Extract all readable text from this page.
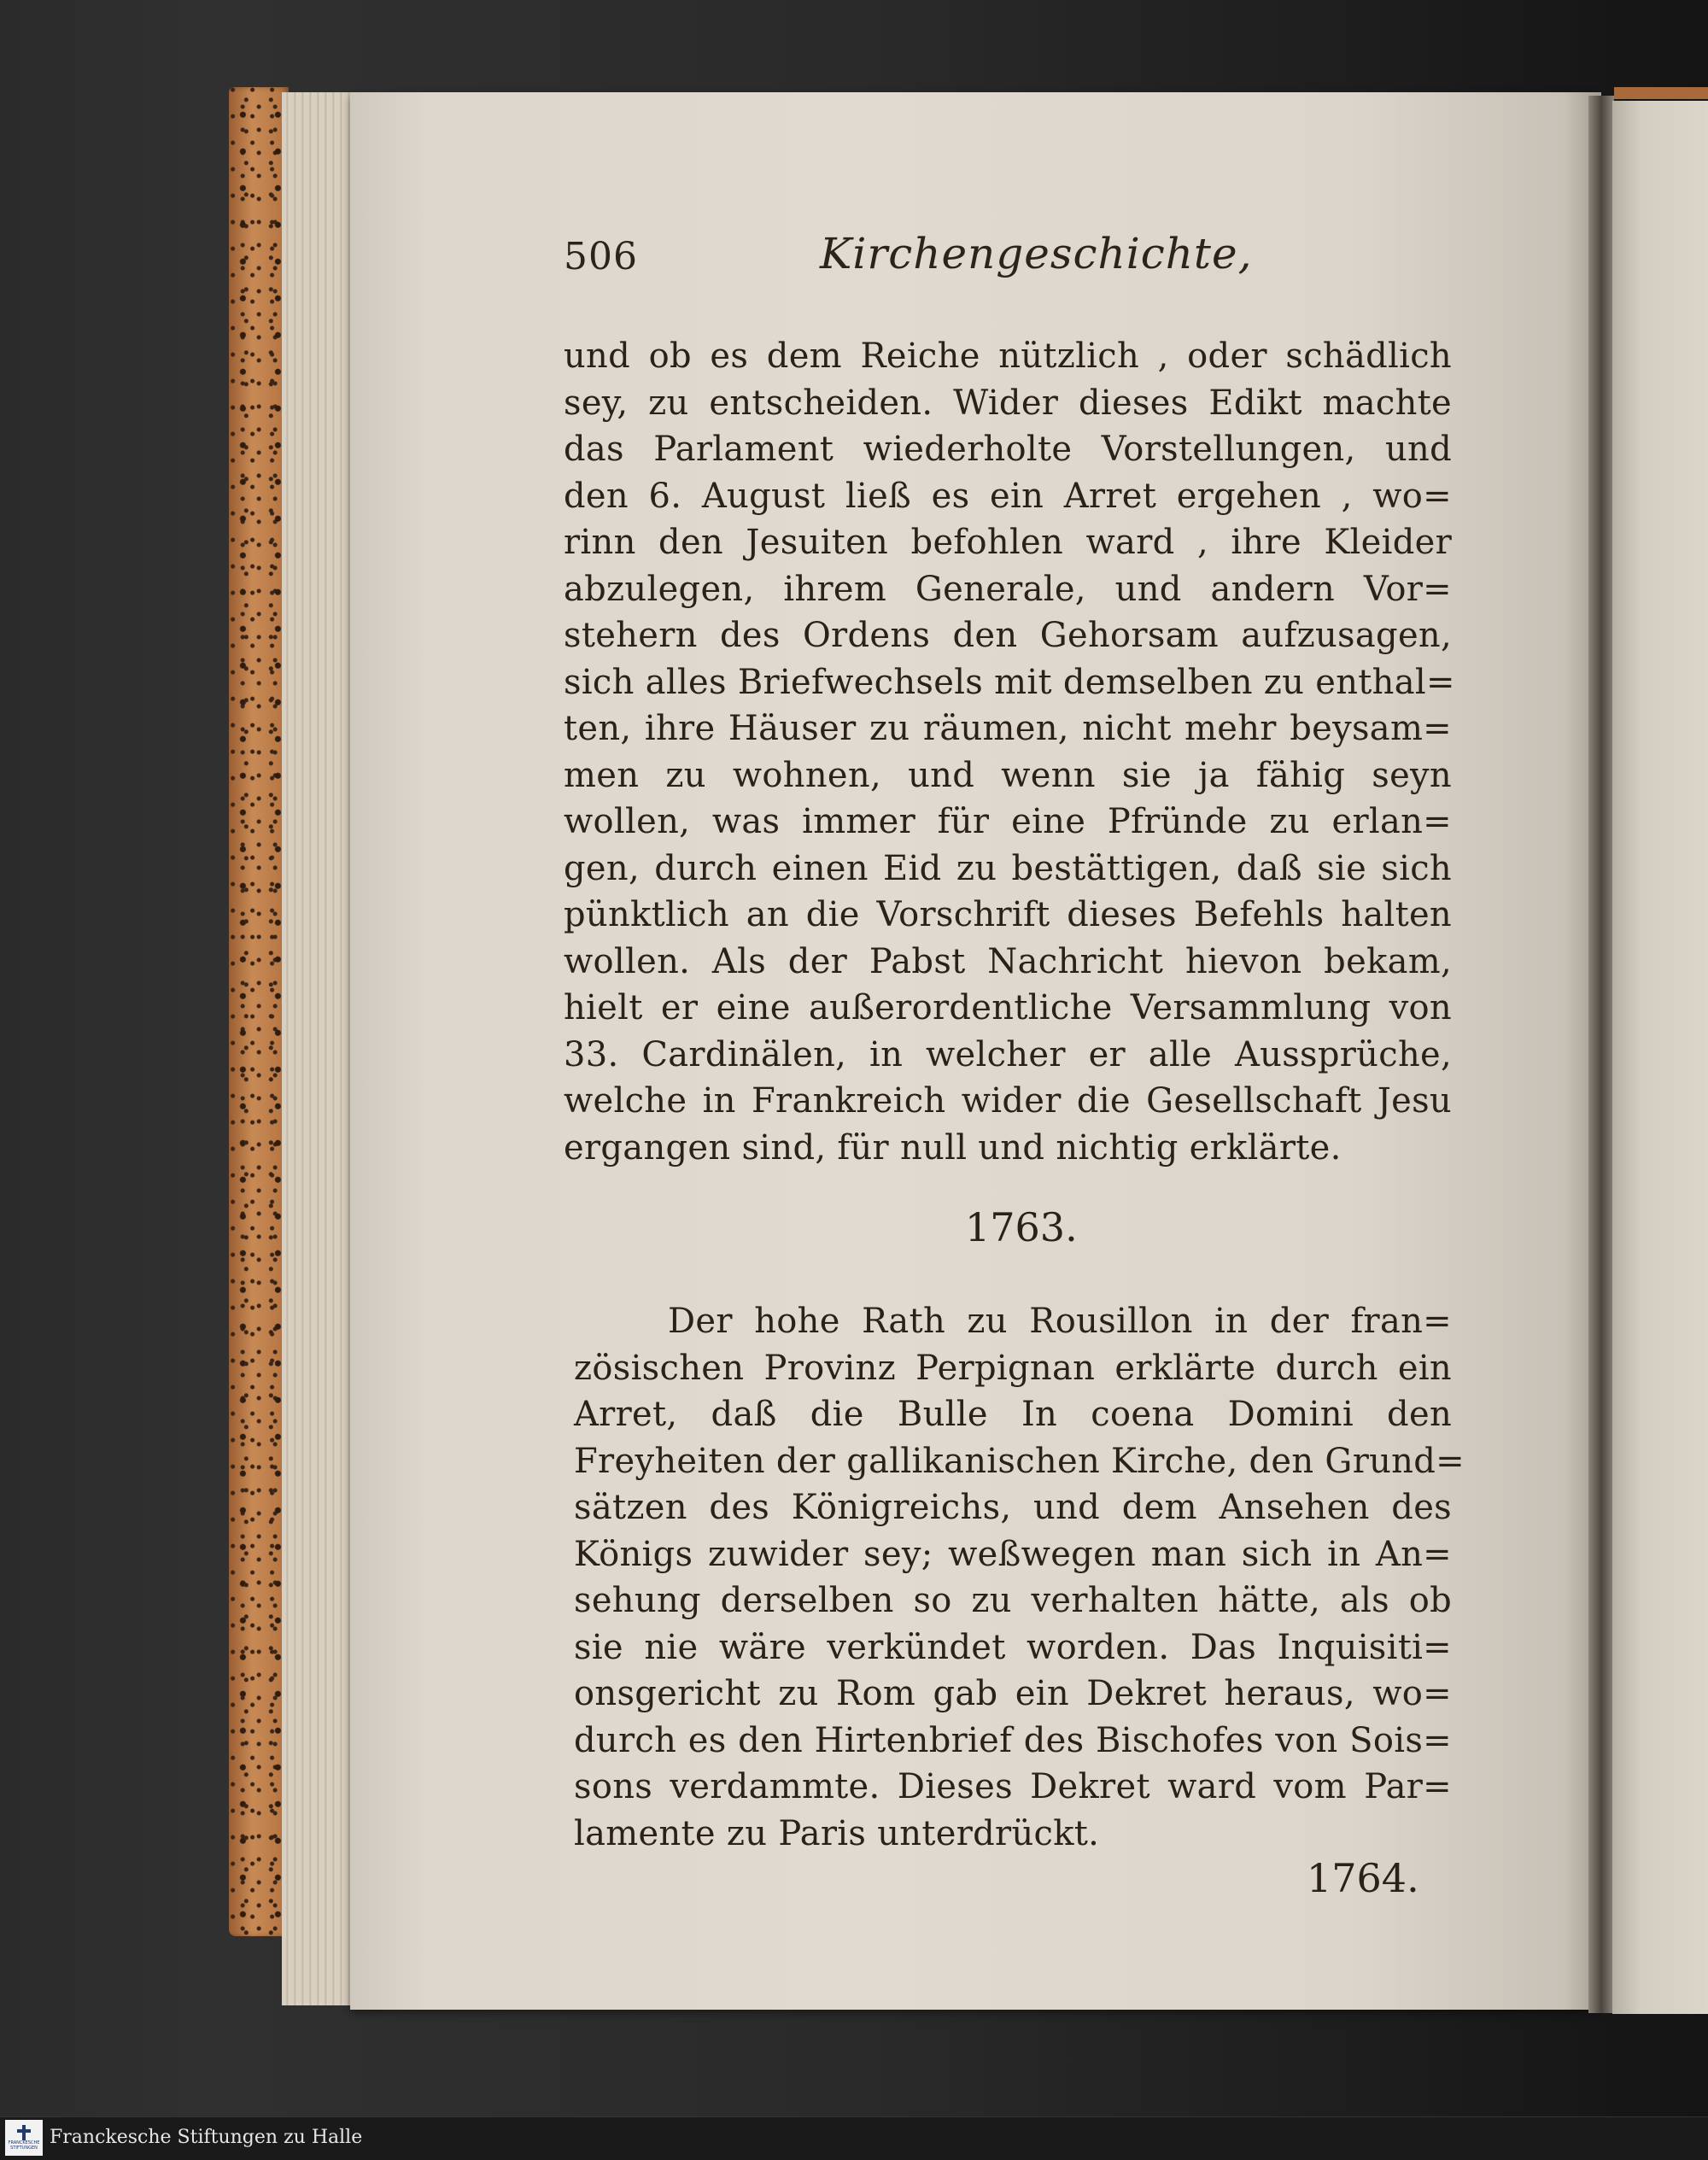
506	Kirchengeschichte,
und ob es dem Reiche nützlich , oder schädlich
sey, zu entscheiden. Wider dieses Edikt machte
das Parlament wiederholte Vorstellungen, und
den 6. August ließ es ein Arret ergehen , wo=
rinn den Jesuiten befohlen ward , ihre Kleider
abzulegen, ihrem Generale, und andern Vor=
stehern des Ordens den Gehorsam aufzusagen,
sich alles Briefwechsels mit demselben zu enthal=
ten, ihre Häuser zu räumen, nicht mehr beysam=
men zu wohnen, und wenn sie ja fähig seyn
wollen, was immer für eine Pfründe zu erlan=
gen, durch einen Eid zu bestättigen, daß sie sich
pünktlich an die Vorschrift dieses Befehls halten
wollen. Als der Pabst Nachricht hievon bekam,
hielt er eine außerordentliche Versammlung von
33. Cardinälen, in welcher er alle Aussprüche,
welche in Frankreich wider die Gesellschaft Jesu
ergangen sind, für null und nichtig erklärte.
1763.
Der hohe Rath zu Rousillon in der fran=
zösischen Provinz Perpignan erklärte durch ein
Arret, daß die Bulle In coena Domini den
Freyheiten der gallikanischen Kirche, den Grund=
sätzen des Königreichs, und dem Ansehen des
Königs zuwider sey; weßwegen man sich in An=
sehung derselben so zu verhalten hätte, als ob
sie nie wäre verkündet worden. Das Inquisiti=
onsgericht zu Rom gab ein Dekret heraus, wo=
durch es den Hirtenbrief des Bischofes von Sois=
sons verdammte. Dieses Dekret ward vom Par=
lamente zu Paris unterdrückt.
1764.
FRANCKESCHE STIFTUNGEN Franckesche Stiftungen zu Halle
